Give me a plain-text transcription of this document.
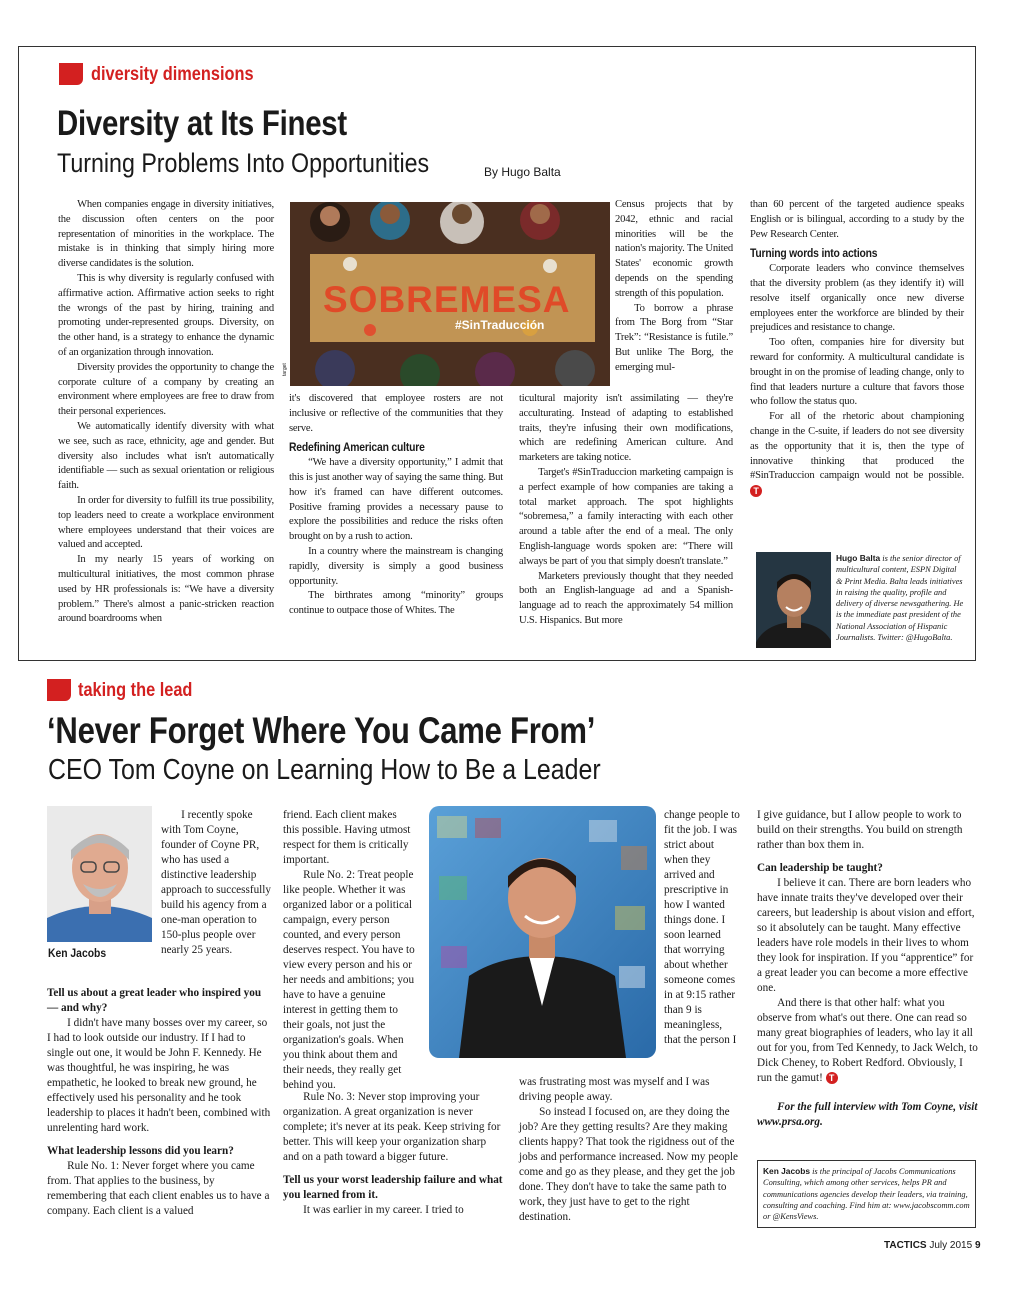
diversity dimensions
Diversity at Its Finest
Turning Problems Into Opportunities	By Hugo Balta

When companies engage in diversity initiatives, the discussion often centers on the poor representation of minorities in the workplace. The mistake is in thinking that simply hiring more diverse candidates is the solution.

This is why diversity is regularly confused with affirmative action. Affirmative action seeks to right the wrongs of the past by hiring, training and promoting under-represented groups. Diversity, on the other hand, is a strategy to enhance the dynamic of an organization through innovation.

Diversity provides the opportunity to change the corporate culture of a company by creating an environment where employees are free to draw from their personal experiences.

We automatically identify diversity with what we see, such as race, ethnicity, age and gender. But diversity also includes what isn't automatically identifiable — such as sexual orientation or religious faith.

In order for diversity to fulfill its true possibility, top leaders need to create a workplace environment where employees understand that their voices are valued and accepted.

In my nearly 15 years of working on multicultural initiatives, the most common phrase used by HR professionals is: “We have a diversity problem.” There's almost a panic-stricken reaction around boardrooms when

SOBREMESA
#SinTraducción
target

it's discovered that employee rosters are not inclusive or reflective of the communities that they serve.

Redefining American culture

“We have a diversity opportunity,” I admit that this is just another way of saying the same thing. But how it's framed can have different outcomes. Positive framing provides a necessary pause to explore the possibilities and reduce the risks often brought on by a rush to action.

In a country where the mainstream is changing rapidly, diversity is simply a good business opportunity.

The birthrates among “minority” groups continue to outpace those of Whites. The

Census projects that by 2042, ethnic and racial minorities will be the nation's majority. The United States' economic growth depends on the spending strength of this population.

To borrow a phrase from The Borg from “Star Trek”: “Resistance is futile.” But unlike The Borg, the emerging mul-

ticultural majority isn't assimilating — they're acculturating. Instead of adapting to established traits, they're infusing their own modifications, which are redefining American culture. And marketers are taking notice.

Target's #SinTraduccion marketing campaign is a perfect example of how companies are taking a total market approach. The spot highlights “sobremesa,” a family interacting with each other around a table after the end of a meal. The only English-language words spoken are: “There will always be part of you that simply doesn't translate.”

Marketers previously thought that they needed both an English-language ad and a Spanish-language ad to reach the approximately 54 million U.S. Hispanics. But more

than 60 percent of the targeted audience speaks English or is bilingual, according to a study by the Pew Research Center.

Turning words into actions

Corporate leaders who convince themselves that the diversity problem (as they identify it) will resolve itself organically once new diverse employees enter the workforce are blinded by their prejudices and resistance to change.

Too often, companies hire for diversity but reward for conformity. A multicultural candidate is brought in on the promise of leading change, only to find that leaders nurture a culture that favors those who follow the status quo.

For all of the rhetoric about championing change in the C-suite, if leaders do not see diversity as the opportunity that it is, then the type of innovative thinking that produced the #SinTraduccion campaign would not be possible. T

Hugo Balta is the senior director of multicultural content, ESPN Digital & Print Media. Balta leads initiatives in raising the quality, profile and delivery of diverse newsgathering. He is the immediate past president of the National Association of Hispanic Journalists. Twitter: @HugoBalta.
taking the lead
‘Never Forget Where You Came From’
CEO Tom Coyne on Learning How to Be a Leader
Ken Jacobs

I recently spoke with Tom Coyne, founder of Coyne PR, who has used a distinctive leadership approach to successfully build his agency from a one-man operation to 150-plus people over nearly 25 years.

Tell us about a great leader who inspired you — and why?

I didn't have many bosses over my career, so I had to look outside our industry. If I had to single out one, it would be John F. Kennedy. He was thoughtful, he was inspiring, he was empathetic, he looked to break new ground, he effectively used his personality and he took leadership to places it hadn't been, combined with unrelenting hard work.

What leadership lessons did you learn?

Rule No. 1: Never forget where you came from. That applies to the business, by remembering that each client enables us to have a company. Each client is a valued

friend. Each client makes this possible. Having utmost respect for them is critically important.

Rule No. 2: Treat people like people. Whether it was organized labor or a political campaign, every person counted, and every person deserves respect. You have to view every person and his or her needs and ambitions; you have to have a genuine interest in getting them to their goals, not just the organization's goals. When you think about them and their needs, they really get behind you.

Rule No. 3: Never stop improving your organization. A great organization is never complete; it's never at its peak. Keep striving for better. This will keep your organization sharp and on a path toward a bigger future.

Tell us your worst leadership failure and what you learned from it.

It was earlier in my career. I tried to

change people to fit the job. I was strict about when they arrived and prescriptive in how I wanted things done. I soon learned that worrying about whether someone comes in at 9:15 rather than 9 is meaningless, that the person I

was frustrating most was myself and I was driving people away.

So instead I focused on, are they doing the job? Are they getting results? Are they making clients happy? That took the rigidness out of the jobs and performance increased. Now my people come and go as they please, and they get the job done. They don't have to take the same path to work, they just have to get to the right destination.

I give guidance, but I allow people to work to build on their strengths. You build on strength rather than box them in.

Can leadership be taught?

I believe it can. There are born leaders who have innate traits they've developed over their careers, but leadership is about vision and effort, so it absolutely can be taught. Many effective leaders have role models in their lives to whom they look for inspiration. If you “apprentice” for a great leader you can become a more effective one.

And there is that other half: what you observe from what's out there. One can read so many great biographies of leaders, who lay it all out for you, from Ted Kennedy, to Jack Welch, to Dick Cheney, to Robert Redford. Obviously, I run the gamut! T

For the full interview with Tom Coyne, visit www.prsa.org.

Ken Jacobs is the principal of Jacobs Communications Consulting, which among other services, helps PR and communications agencies develop their leaders, via training, consulting and coaching. Find him at: www.jacobscomm.com or @KensViews.
TACTICS July 2015 9
